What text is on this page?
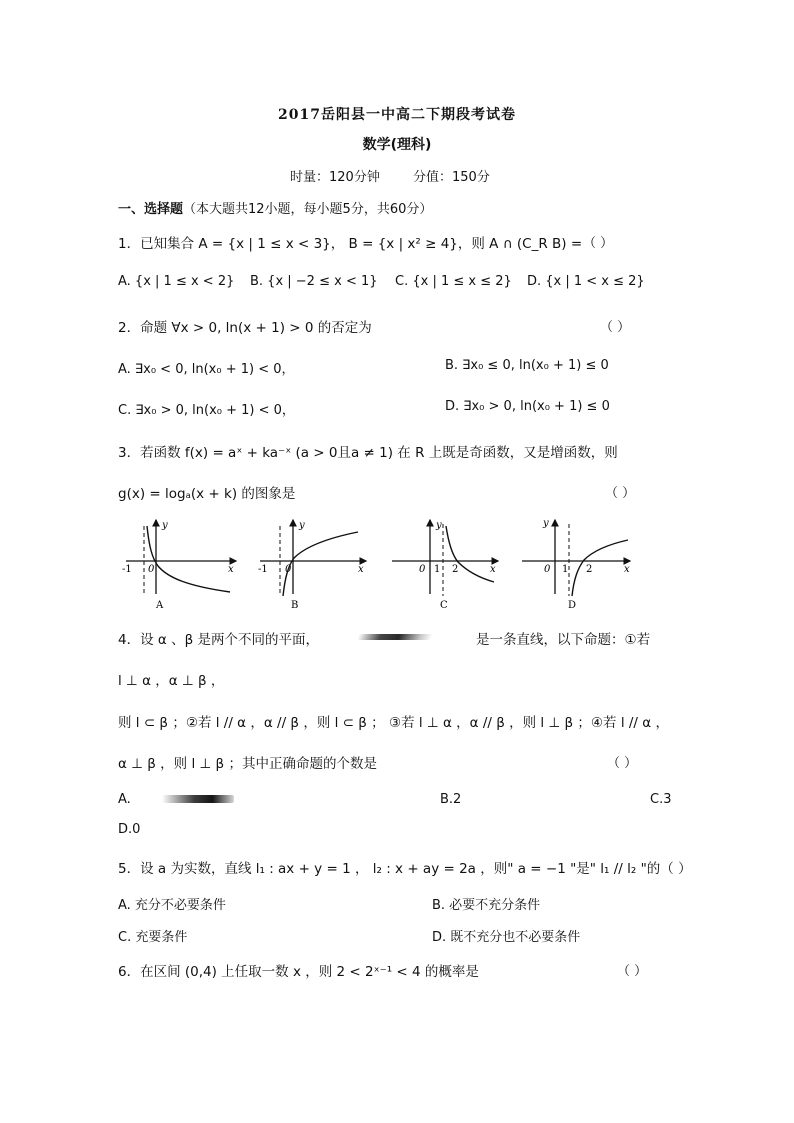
2017岳阳县一中高二下期段考试卷
数学(理科)
时量：120分钟	分值：150分
一、选择题（本大题共12小题，每小题5分，共60分）
1．已知集合 A = {x | 1 ≤ x < 3}， B = {x | x² ≥ 4}，则 A ∩ (C_R B) = （ ）
A. {x | 1 ≤ x < 2} B. {x | −2 ≤ x < 1} C. {x | 1 ≤ x ≤ 2} D. {x | 1 < x ≤ 2}
2．命题 ∀x > 0, ln(x + 1) > 0 的否定为	（ ）
A. ∃x₀ < 0, ln(x₀ + 1) < 0，	B. ∃x₀ ≤ 0, ln(x₀ + 1) ≤ 0
C. ∃x₀ > 0, ln(x₀ + 1) < 0，	D. ∃x₀ > 0, ln(x₀ + 1) ≤ 0
3．若函数 f(x) = aˣ + ka⁻ˣ (a > 0且a ≠ 1) 在 R 上既是奇函数，又是增函数，则
g(x) = logₐ(x + k) 的图象是	（ ）
y
x
0
-1
A
y
x
0
-1
B
y
x
0 1 2
C
y
x
0 1 2
D
4．设 α 、β 是两个不同的平面，	是一条直线，以下命题：①若
l ⊥ α ，α ⊥ β ，
则 l ⊂ β ；②若 l // α ，α // β ，则 l ⊂ β ； ③若 l ⊥ α ，α // β ，则 l ⊥ β ；④若 l // α ，
α ⊥ β ，则 l ⊥ β ；其中正确命题的个数是	（ ）
A.	B.2	C.3
D.0
5．设 a 为实数，直线 l₁ : ax + y = 1 ， l₂ : x + ay = 2a ，则" a = −1 "是" l₁ // l₂ "的（ ）
A. 充分不必要条件	B. 必要不充分条件
C. 充要条件	D. 既不充分也不必要条件
6．在区间 (0,4) 上任取一数 x ，则 2 < 2ˣ⁻¹ < 4 的概率是	（ ）
